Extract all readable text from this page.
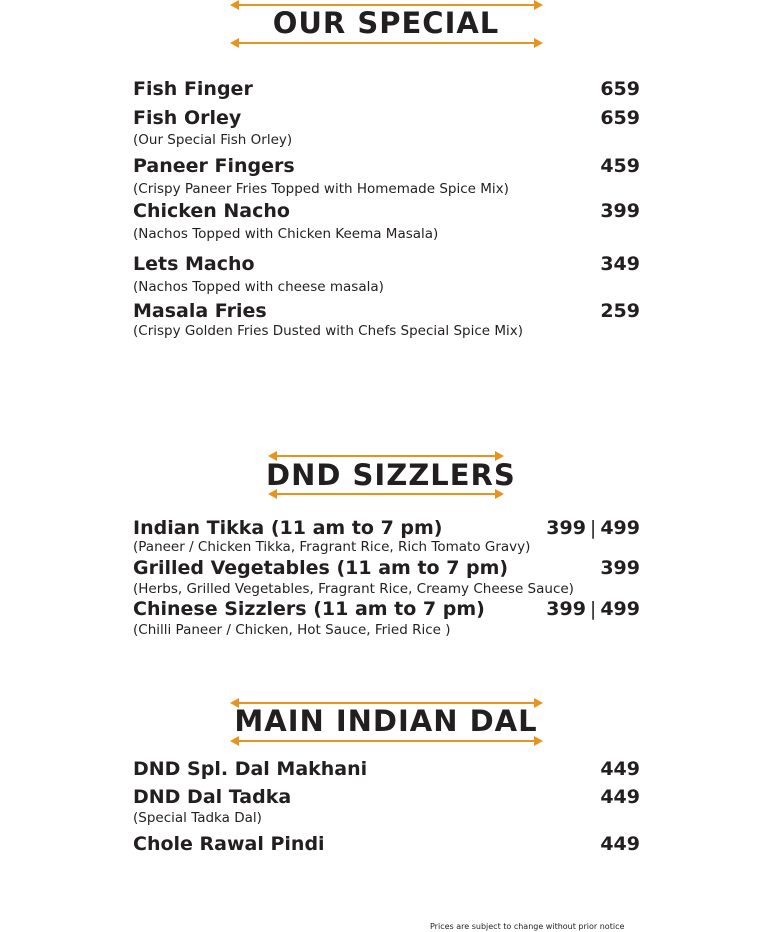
OUR SPECIAL
Fish Finger	659
Fish Orley	659
(Our Special Fish Orley)
Paneer Fingers	459
(Crispy Paneer Fries Topped with Homemade Spice Mix)
Chicken Nacho	399
(Nachos Topped with Chicken Keema Masala)
Lets Macho	349
(Nachos Topped with cheese masala)
Masala Fries	259
(Crispy Golden Fries Dusted with Chefs Special Spice Mix)
DND SIZZLERS
Indian Tikka (11 am to 7 pm)	399 | 499
(Paneer / Chicken Tikka, Fragrant Rice, Rich Tomato Gravy)
Grilled Vegetables (11 am to 7 pm)	399
(Herbs, Grilled Vegetables, Fragrant Rice, Creamy Cheese Sauce)
Chinese Sizzlers (11 am to 7 pm)	399 | 499
(Chilli Paneer / Chicken, Hot Sauce, Fried Rice )
MAIN INDIAN DAL
DND Spl. Dal Makhani	449
DND Dal Tadka	449
(Special Tadka Dal)
Chole Rawal Pindi	449
Prices are subject to change without prior notice
